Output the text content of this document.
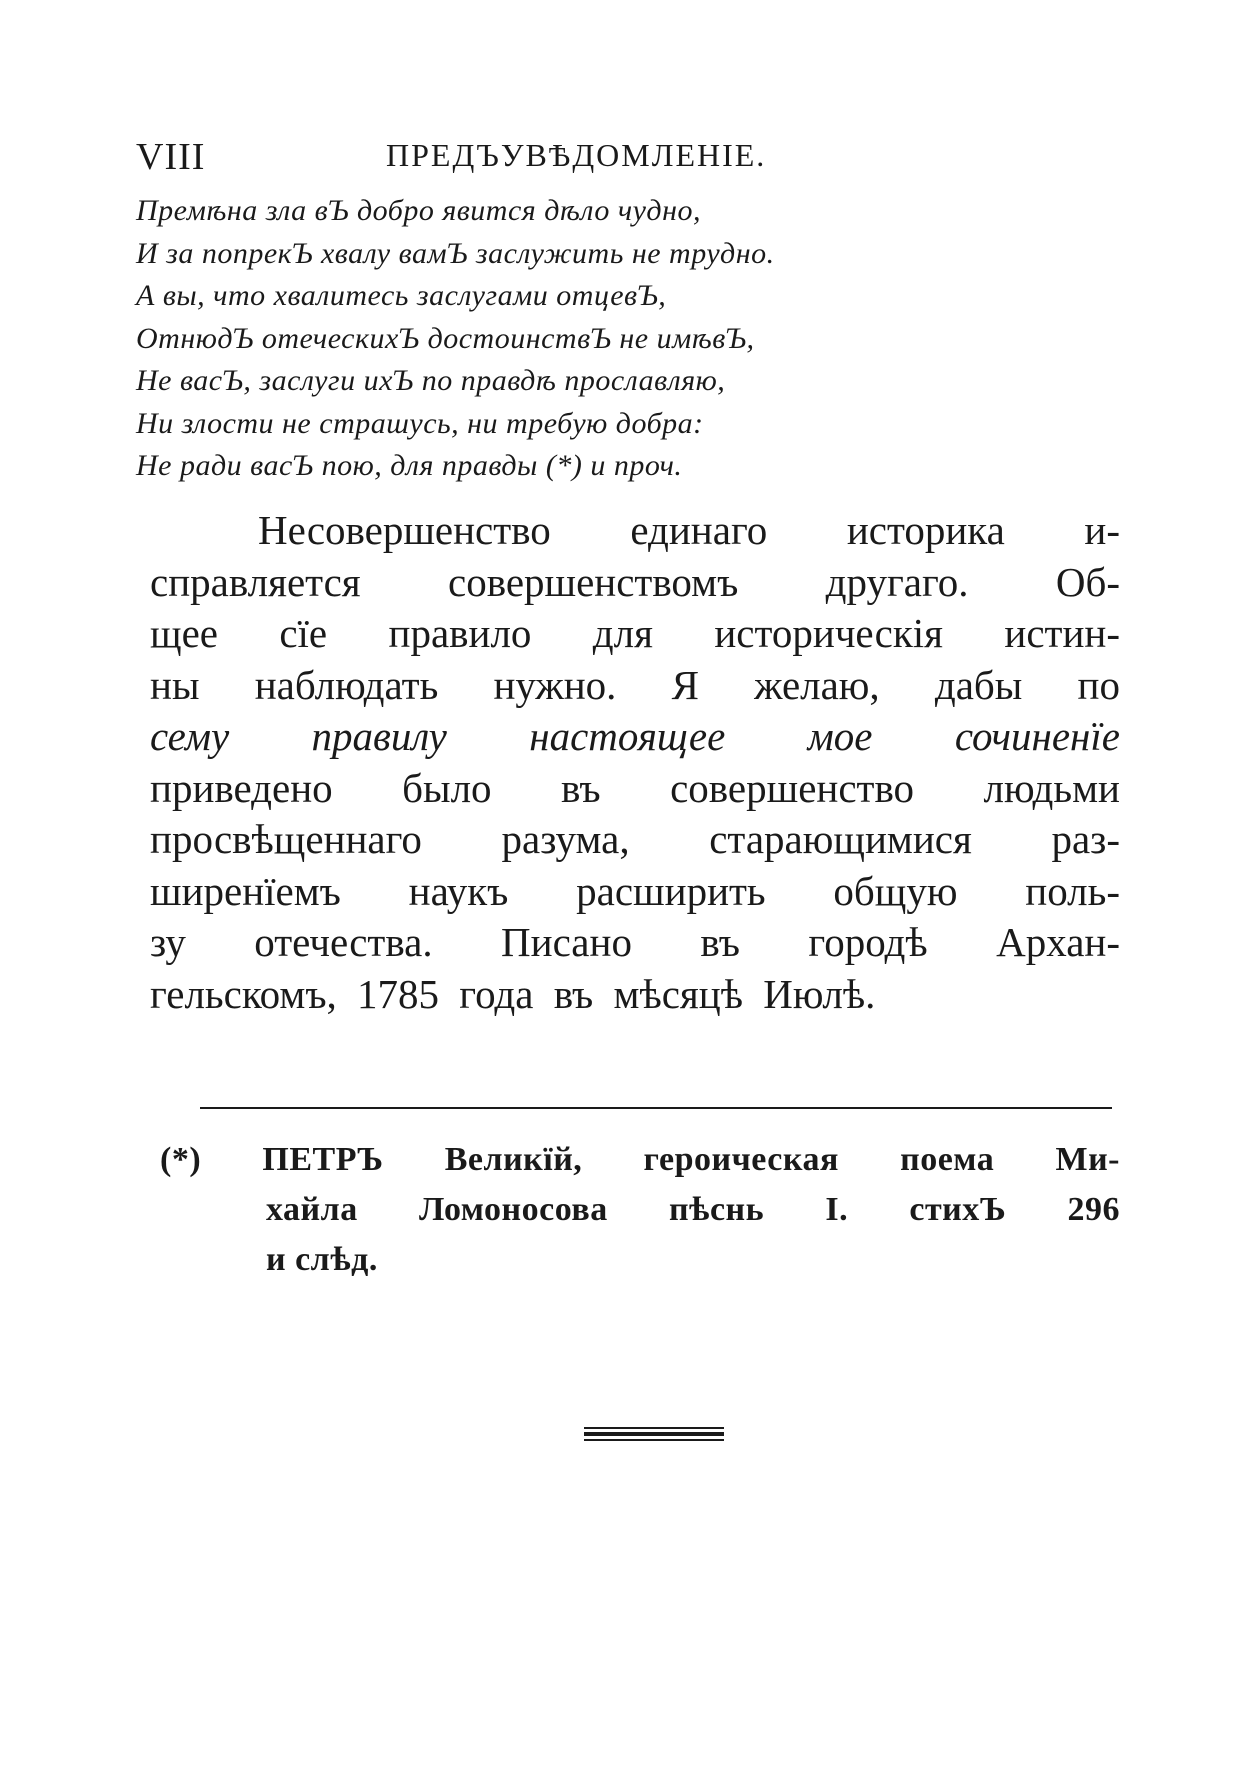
VIII	ПРЕДЪУВѢДОМЛЕНІЕ.
Премѣна зла вЪ добро явится дѣло чудно,
И за попрекЪ хвалу вамЪ заслужить не трудно.
А вы, что хвалитесь заслугами отцевЪ,
ОтнюдЪ отеческихЪ достоинствЪ не имѣвЪ,
Не васЪ, заслуги ихЪ по правдѣ прославляю,
Ни злости не страшусь, ни требую добра:
Не ради васЪ пою, для правды (*) и проч.
Несовершенство единаго историка и-
справляется совершенствомъ другаго. Об-
щее сїе правило для историческія истин-
ны наблюдать нужно. Я желаю, дабы по
сему правилу настоящее мое сочиненїе
приведено было въ совершенство людьми
просвѣщеннаго разума, старающимися раз-
ширенїемъ наукъ расширить общую поль-
зу отечества. Писано въ городѣ Архан-
гельскомъ, 1785 года въ мѣсяцѣ Июлѣ.
(*) ПЕТРЪ Великїй, героическая поема Ми-
хайла Ломоносова пѣснь I. стихЪ 296
и слѣд.
